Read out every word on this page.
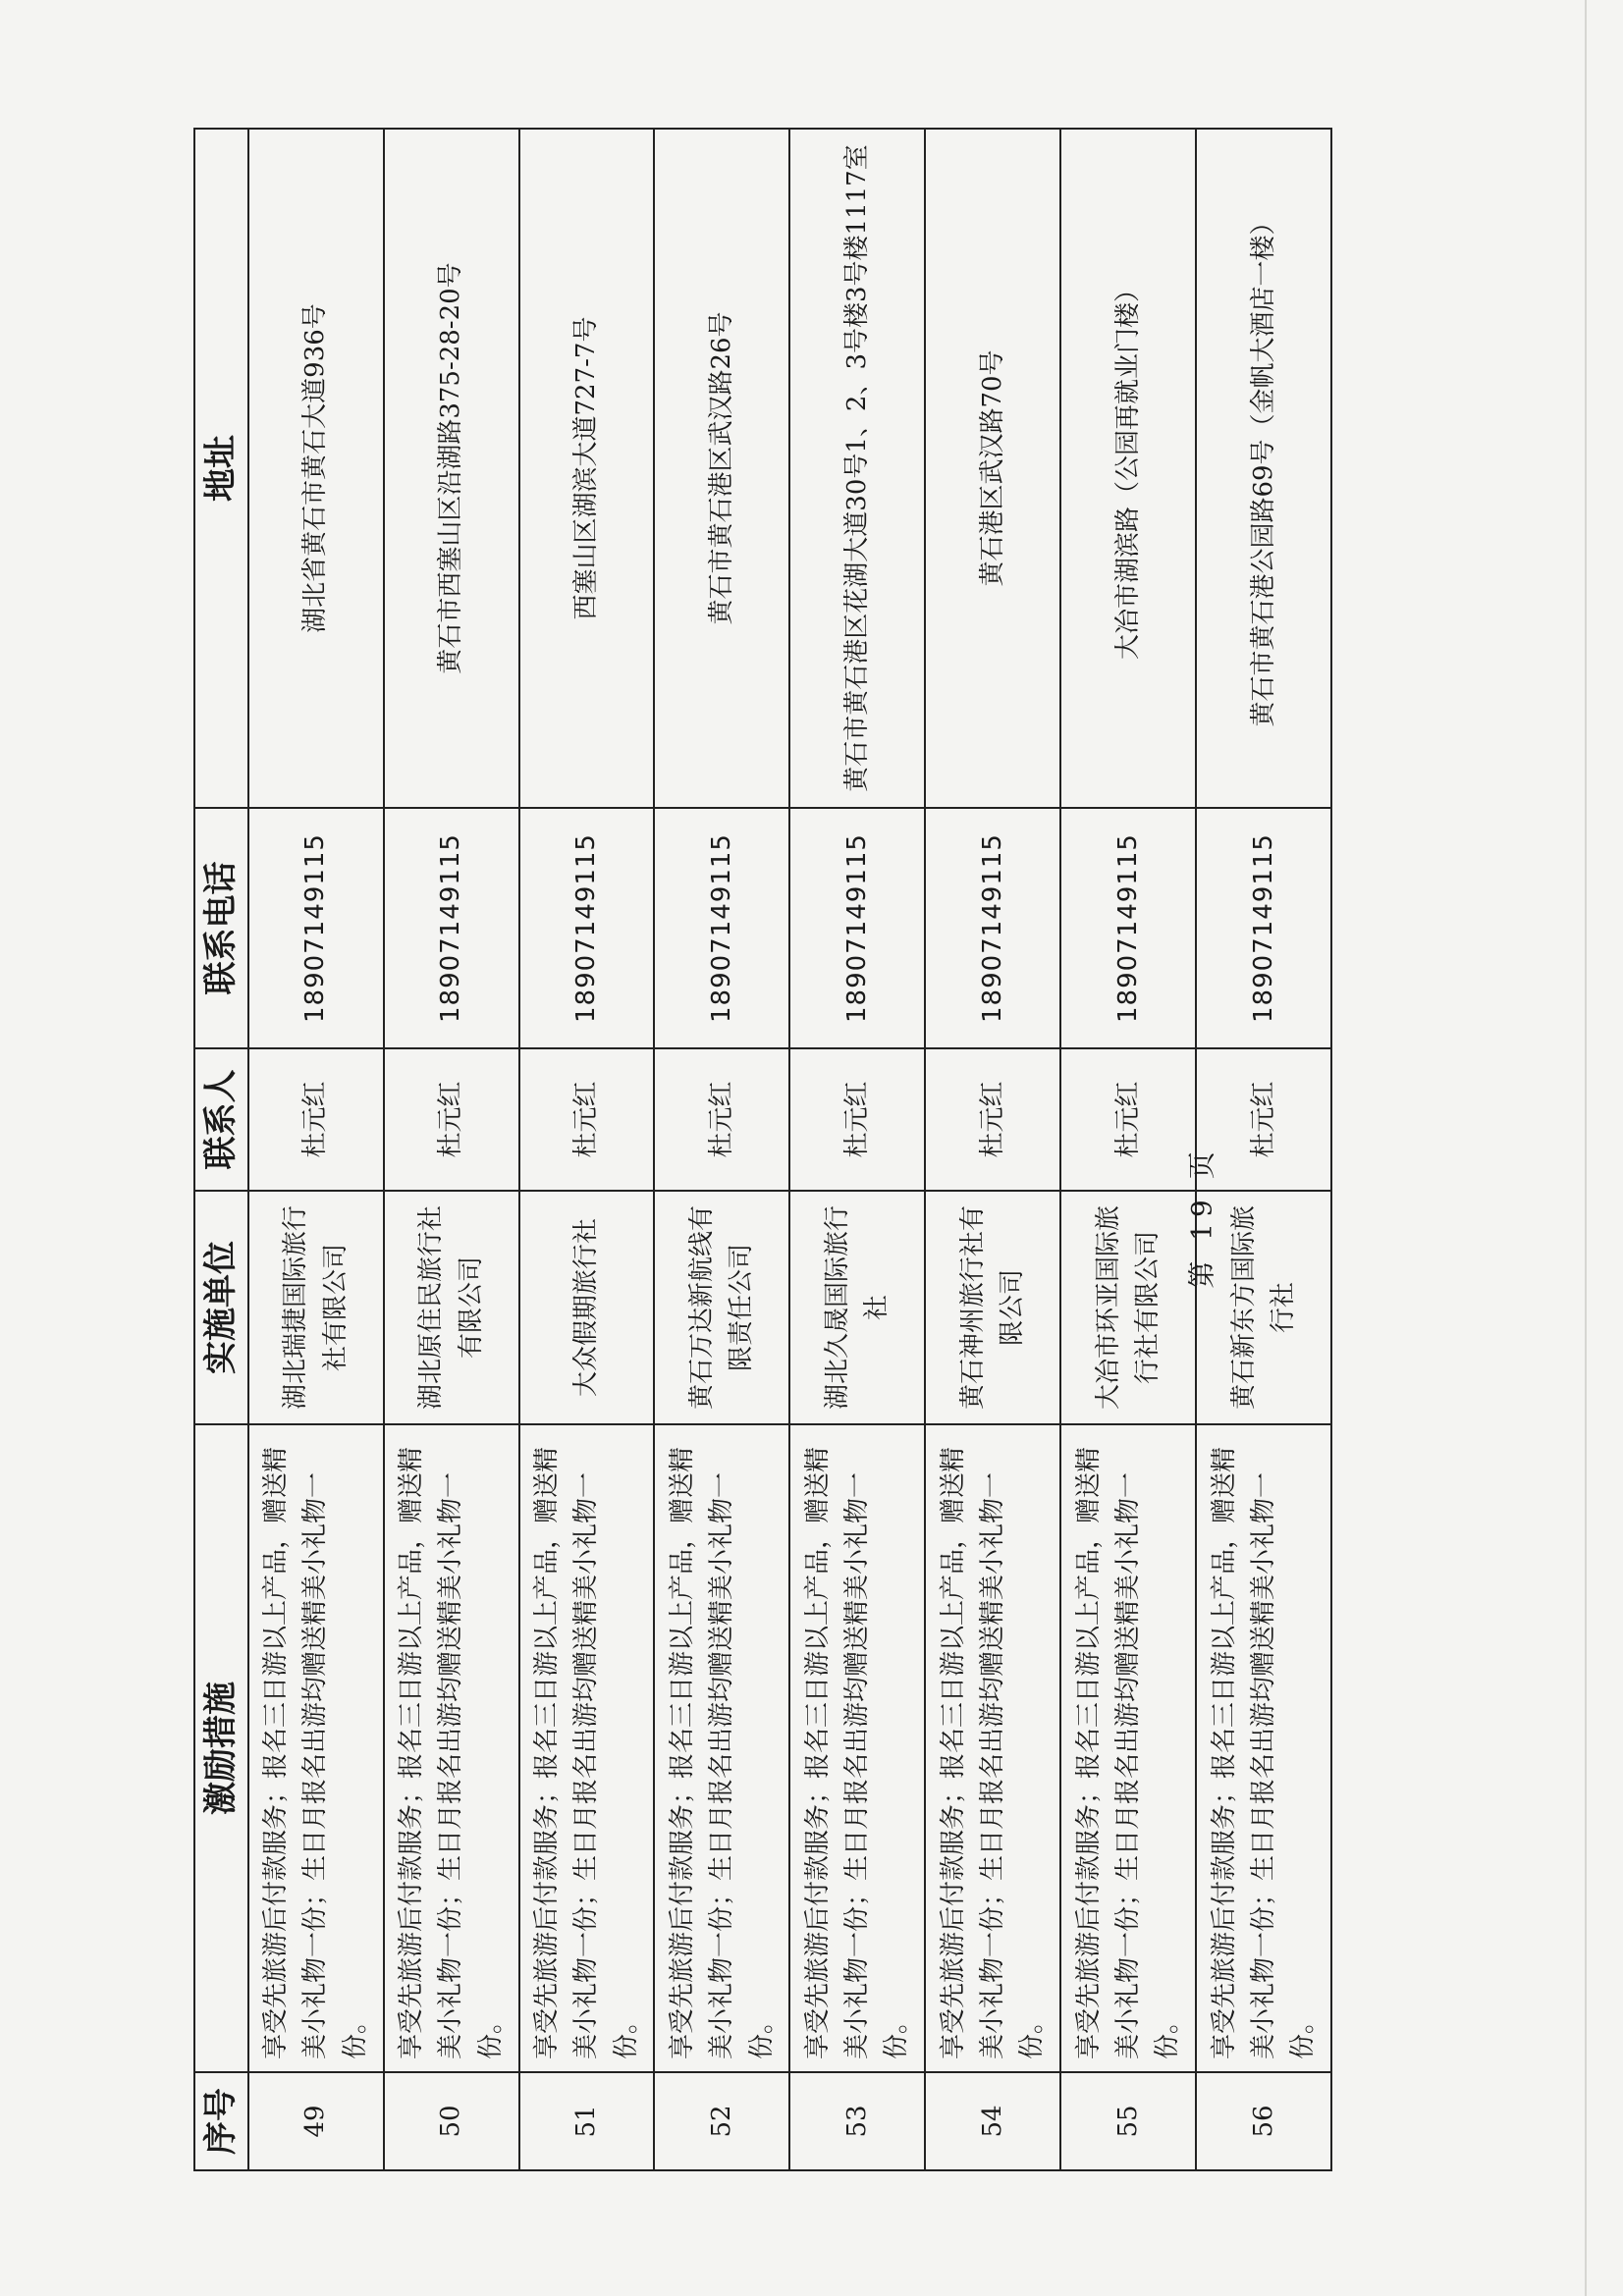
序号	激励措施	实施单位	联系人	联系电话	地址
49	享受先旅游后付款服务；报名三日游以上产品，赠送精美小礼物一份；生日月报名出游均赠送精美小礼物一份。	湖北瑞捷国际旅行社有限公司	杜元红	18907149115	湖北省黄石市黄石大道936号
50	享受先旅游后付款服务；报名三日游以上产品，赠送精美小礼物一份；生日月报名出游均赠送精美小礼物一份。	湖北原住民旅行社有限公司	杜元红	18907149115	黄石市西塞山区沿湖路375-28-20号
51	享受先旅游后付款服务；报名三日游以上产品，赠送精美小礼物一份；生日月报名出游均赠送精美小礼物一份。	大众假期旅行社	杜元红	18907149115	西塞山区湖滨大道727-7号
52	享受先旅游后付款服务；报名三日游以上产品，赠送精美小礼物一份；生日月报名出游均赠送精美小礼物一份。	黄石万达新航线有限责任公司	杜元红	18907149115	黄石市黄石港区武汉路26号
53	享受先旅游后付款服务；报名三日游以上产品，赠送精美小礼物一份；生日月报名出游均赠送精美小礼物一份。	湖北久晟国际旅行社	杜元红	18907149115	黄石市黄石港区花湖大道30号1、2、3号楼3号楼1117室
54	享受先旅游后付款服务；报名三日游以上产品，赠送精美小礼物一份；生日月报名出游均赠送精美小礼物一份。	黄石神州旅行社有限公司	杜元红	18907149115	黄石港区武汉路70号
55	享受先旅游后付款服务；报名三日游以上产品，赠送精美小礼物一份；生日月报名出游均赠送精美小礼物一份。	大冶市环亚国际旅行社有限公司	杜元红	18907149115	大冶市湖滨路（公园再就业门楼）
56	享受先旅游后付款服务；报名三日游以上产品，赠送精美小礼物一份；生日月报名出游均赠送精美小礼物一份。	黄石新东方国际旅行社	杜元红	18907149115	黄石市黄石港公园路69号（金帆大酒店一楼）
第 19 页
